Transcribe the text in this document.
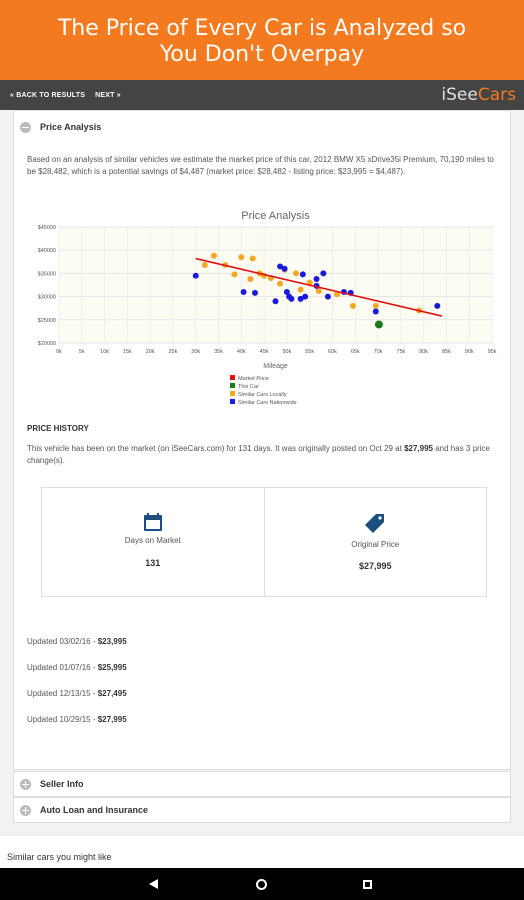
The Price of Every Car is Analyzed so
You Don't Overpay
« BACK TO RESULTS NEXT »	iSeeCars
Price Analysis
Based on an analysis of similar vehicles we estimate the market price of this car, 2012 BMW X5 xDrive35i Premium, 70,190 miles to be $28,482, which is a potential savings of $4,487 (market price: $28,482 - listing price: $23,995 = $4,487).
Price Analysis
$45000
$40000
$35000
$30000
$25000
$20000
0k	5k	10k	15k	20k	25k	30k	35k	40k	45k	50k	55k	60k	65k	70k	75k	80k	85k	90k	95k
Mileage
Market Price
This Car
Similar Cars Locally
Similar Cars Nationwide
PRICE HISTORY
This vehicle has been on the market (on iSeeCars.com) for 131 days. It was originally posted on Oct 29 at $27,995 and has 3 price change(s).
Days on Market
131
Original Price
$27,995
Updated 03/02/16 - $23,995
Updated 01/07/16 - $25,995
Updated 12/13/15 - $27,495
Updated 10/29/15 - $27,995
Seller Info
Auto Loan and Insurance
Similar cars you might like
